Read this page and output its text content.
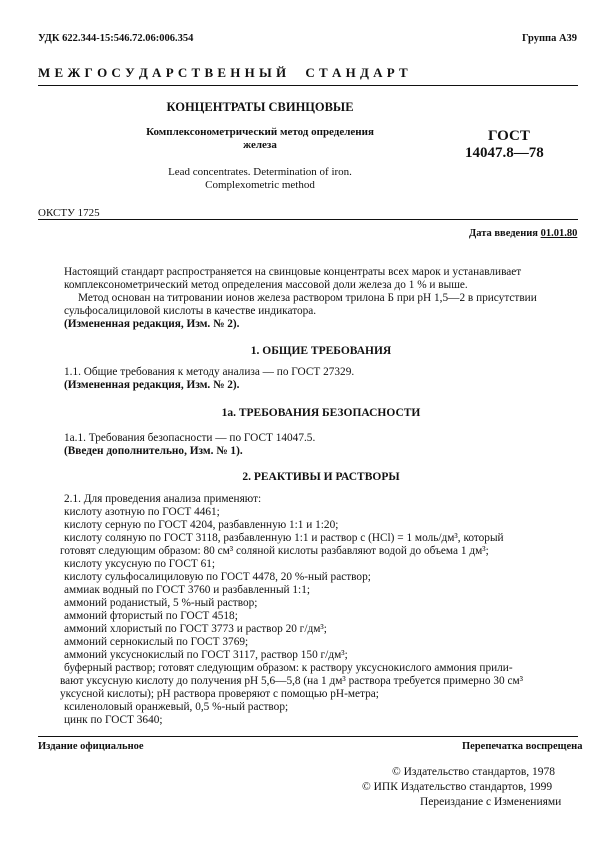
УДК 622.344-15:546.72.06:006.354	Группа А39
М Е Ж Г О С У Д А Р С Т В Е Н Н Ы Й     С Т А Н Д А Р Т
КОНЦЕНТРАТЫ СВИНЦОВЫЕ
Комплексонометрический метод определения
железа
Lead concentrates. Determination of iron.
Complexometric method
ГОСТ
14047.8—78
ОКСТУ 1725
Дата введения 01.01.80
Настоящий стандарт распространяется на свинцовые концентраты всех марок и устанавливает
комплексонометрический метод определения массовой доли железа до 1 % и выше.
Метод основан на титровании ионов железа раствором трилона Б при рН 1,5—2 в присутствии
сульфосалициловой кислоты в качестве индикатора.
(Измененная редакция, Изм. № 2).
1. ОБЩИЕ ТРЕБОВАНИЯ
1.1. Общие требования к методу анализа — по ГОСТ 27329.
(Измененная редакция, Изм. № 2).
1а. ТРЕБОВАНИЯ БЕЗОПАСНОСТИ
1а.1. Требования безопасности — по ГОСТ 14047.5.
(Введен дополнительно, Изм. № 1).
2. РЕАКТИВЫ И РАСТВОРЫ
2.1. Для проведения анализа применяют:
кислоту азотную по ГОСТ 4461;
кислоту серную по ГОСТ 4204, разбавленную 1:1 и 1:20;
кислоту соляную по ГОСТ 3118, разбавленную 1:1 и раствор с (HCl) = 1 моль/дм³, который
готовят следующим образом: 80 см³ соляной кислоты разбавляют водой до объема 1 дм³;
кислоту уксусную по ГОСТ 61;
кислоту сульфосалициловую по ГОСТ 4478, 20 %-ный раствор;
аммиак водный по ГОСТ 3760 и разбавленный 1:1;
аммоний роданистый, 5 %-ный раствор;
аммоний фтористый по ГОСТ 4518;
аммоний хлористый по ГОСТ 3773 и раствор 20 г/дм³;
аммоний сернокислый по ГОСТ 3769;
аммоний уксуснокислый по ГОСТ 3117, раствор 150 г/дм³;
буферный раствор; готовят следующим образом: к раствору уксуснокислого аммония прили-
вают уксусную кислоту до получения рН 5,6—5,8 (на 1 дм³ раствора требуется примерно 30 см³
уксусной кислоты); рН раствора проверяют с помощью рН-метра;
ксиленоловый оранжевый, 0,5 %-ный раствор;
цинк по ГОСТ 3640;
Издание официальное	Перепечатка воспрещена
© Издательство стандартов, 1978
© ИПК Издательство стандартов, 1999
Переиздание с Изменениями
